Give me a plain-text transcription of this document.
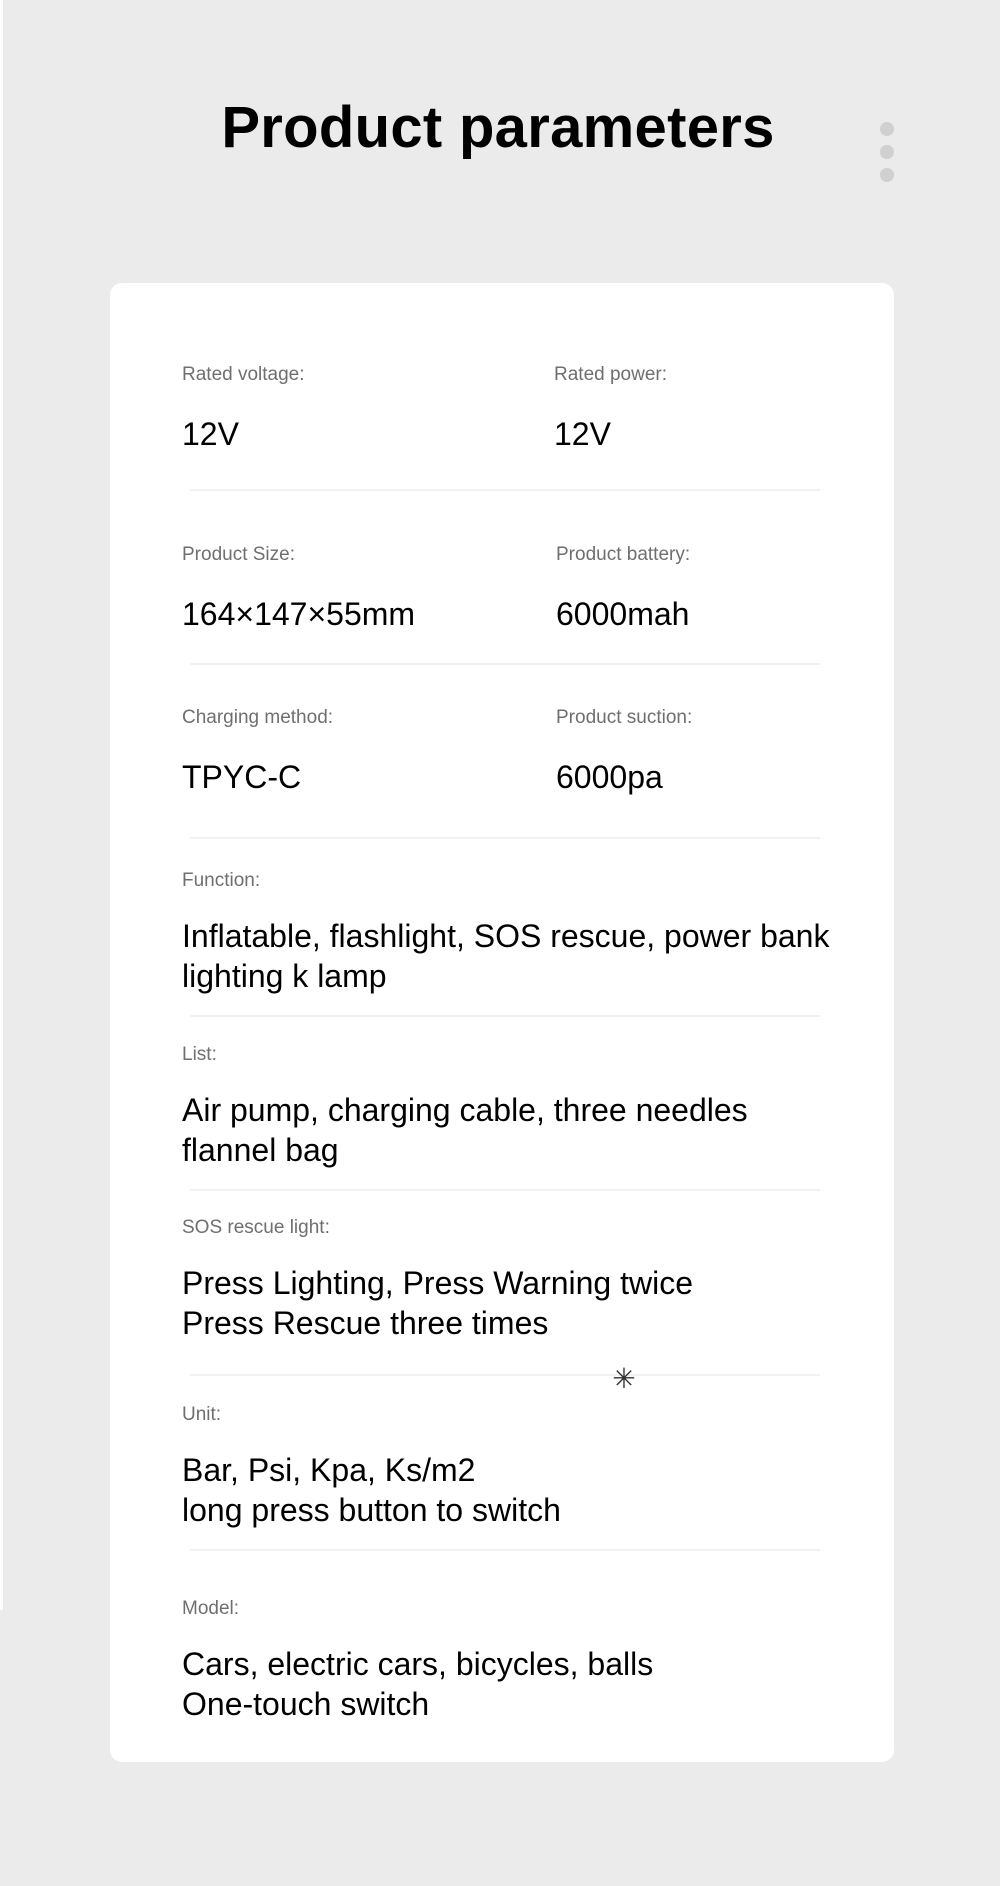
Product parameters
Rated voltage:
12V
Rated power:
12V
Product Size:
164×147×55mm
Product battery:
6000mah
Charging method:
TPYC-C
Product suction:
6000pa
Function:
Inflatable, flashlight, SOS rescue, power bank
lighting k lamp
List:
Air pump, charging cable, three needles
flannel bag
SOS rescue light:
Press Lighting, Press Warning twice
Press Rescue three times
Unit:
Bar, Psi, Kpa, Ks/m2
long press button to switch
Model:
Cars, electric cars, bicycles, balls
One-touch switch
✳
